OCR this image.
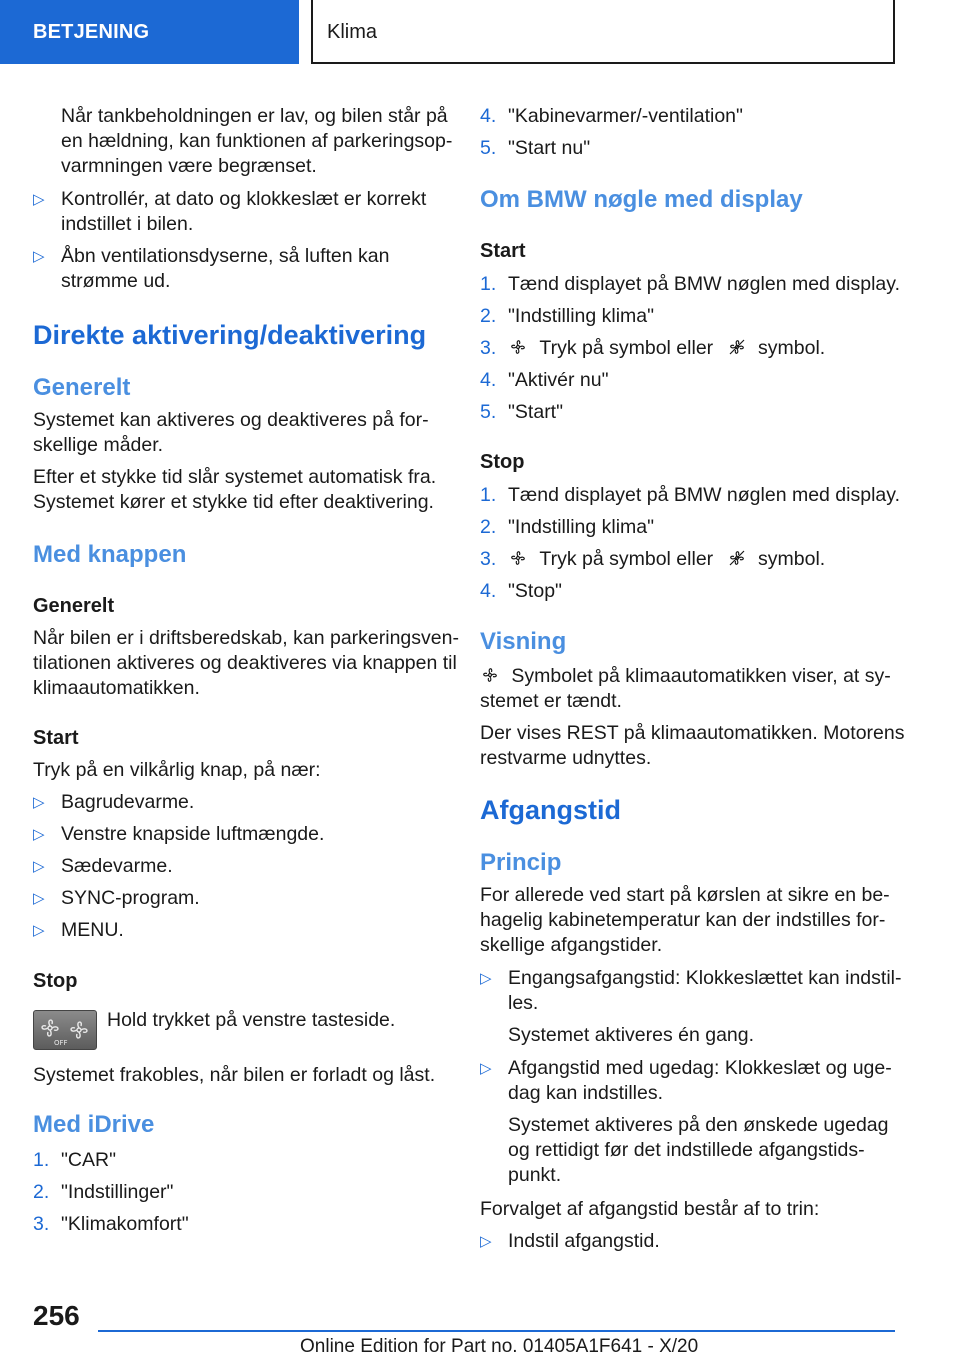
BETJENING	Klima
Når tankbeholdningen er lav, og bilen står på
en hældning, kan funktionen af parkeringsop-
varmningen være begrænset.
▷ Kontrollér, at dato og klokkeslæt er korrekt
indstillet i bilen.
▷ Åbn ventilationsdyserne, så luften kan
strømme ud.
Direkte aktivering/deaktivering
Generelt
Systemet kan aktiveres og deaktiveres på for-
skellige måder.
Efter et stykke tid slår systemet automatisk fra.
Systemet kører et stykke tid efter deaktivering.
Med knappen
Generelt
Når bilen er i driftsberedskab, kan parkeringsven-
tilationen aktiveres og deaktiveres via knappen til
klimaautomatikken.
Start
Tryk på en vilkårlig knap, på nær:
▷ Bagrudevarme.
▷ Venstre knapside luftmængde.
▷ Sædevarme.
▷ SYNC-program.
▷ MENU.
Stop
OFF
Hold trykket på venstre tasteside.
Systemet frakobles, når bilen er forladt og låst.
Med iDrive
1. "CAR"
2. "Indstillinger"
3. "Klimakomfort"
4. "Kabinevarmer/-ventilation"
5. "Start nu"
Om BMW nøgle med display
Start
1. Tænd displayet på BMW nøglen med display.
2. "Indstilling klima"
3.	Tryk på symbol eller symbol.
4. "Aktivér nu"
5. "Start"
Stop
1. Tænd displayet på BMW nøglen med display.
2. "Indstilling klima"
3.	Tryk på symbol eller symbol.
4. "Stop"
Visning
Symbolet på klimaautomatikken viser, at sy-
stemet er tændt.
Der vises REST på klimaautomatikken. Motorens
restvarme udnyttes.
Afgangstid
Princip
For allerede ved start på kørslen at sikre en be-
hagelig kabinetemperatur kan der indstilles for-
skellige afgangstider.
▷ Engangsafgangstid: Klokkeslættet kan indstil-
les.
Systemet aktiveres én gang.
▷ Afgangstid med ugedag: Klokkeslæt og uge-
dag kan indstilles.
Systemet aktiveres på den ønskede ugedag
og rettidigt før det indstillede afgangstids-
punkt.
Forvalget af afgangstid består af to trin:
▷ Indstil afgangstid.
256
Online Edition for Part no. 01405A1F641 - X/20
